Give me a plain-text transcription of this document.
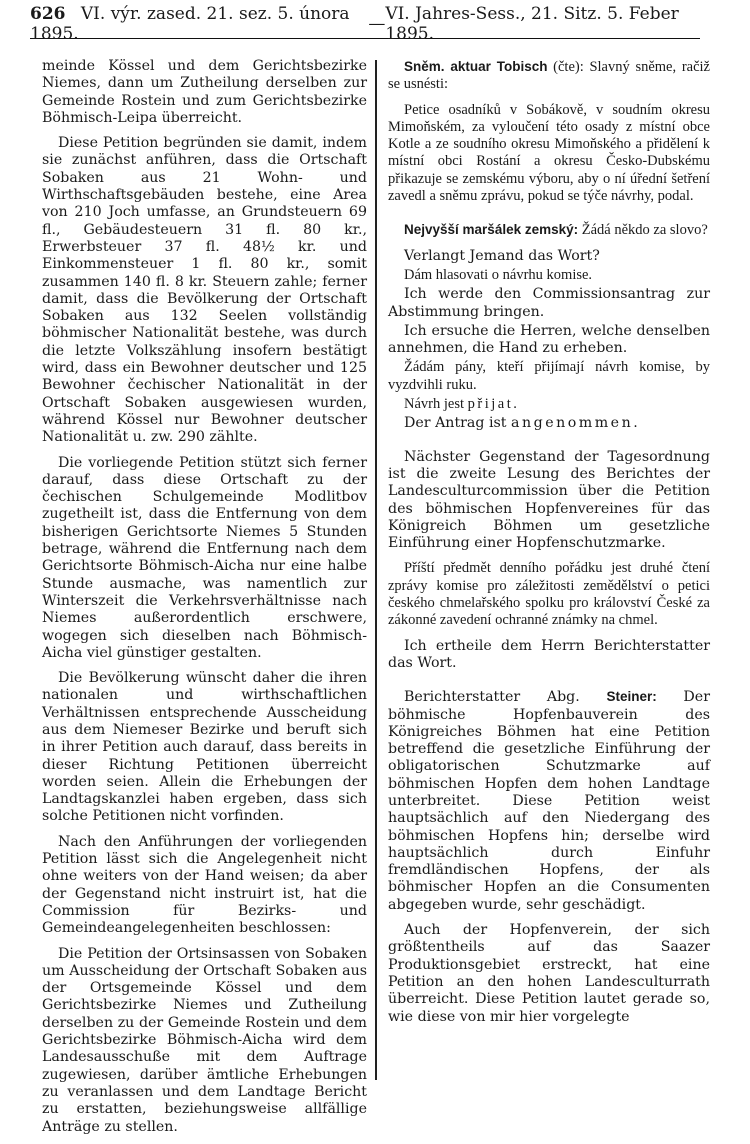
626 VI. výr. zased. 21. sez. 5. února 1895.	— VI. Jahres-Sess., 21. Sitz. 5. Feber 1895.

meinde Kössel und dem Gerichtsbezirke Niemes, dann um Zutheilung derselben zur Gemeinde Rostein und zum Gerichtsbezirke Böhmisch-Leipa überreicht.

Diese Petition begründen sie damit, indem sie zunächst anführen, dass die Ortschaft Sobaken aus 21 Wohn- und Wirthschaftsgebäuden bestehe, eine Area von 210 Joch umfasse, an Grundsteuern 69 fl., Gebäudesteuern 31 fl. 80 kr., Erwerbsteuer 37 fl. 48½ kr. und Einkommensteuer 1 fl. 80 kr., somit zusammen 140 fl. 8 kr. Steuern zahle; ferner damit, dass die Bevölkerung der Ortschaft Sobaken aus 132 Seelen vollständig böhmischer Nationalität bestehe, was durch die letzte Volkszählung insofern bestätigt wird, dass ein Bewohner deutscher und 125 Bewohner čechischer Nationalität in der Ortschaft Sobaken ausgewiesen wurden, während Kössel nur Bewohner deutscher Nationalität u. zw. 290 zählte.

Die vorliegende Petition stützt sich ferner darauf, dass diese Ortschaft zu der čechischen Schulgemeinde Modlitbov zugetheilt ist, dass die Entfernung von dem bisherigen Gerichtsorte Niemes 5 Stunden betrage, während die Entfernung nach dem Gerichtsorte Böhmisch-Aicha nur eine halbe Stunde ausmache, was namentlich zur Winterszeit die Verkehrsverhältnisse nach Niemes außerordentlich erschwere, wogegen sich dieselben nach Böhmisch-Aicha viel günstiger gestalten.

Die Bevölkerung wünscht daher die ihren nationalen und wirthschaftlichen Verhältnissen entsprechende Ausscheidung aus dem Niemeser Bezirke und beruft sich in ihrer Petition auch darauf, dass bereits in dieser Richtung Petitionen überreicht worden seien. Allein die Erhebungen der Landtagskanzlei haben ergeben, dass sich solche Petitionen nicht vorfinden.

Nach den Anführungen der vorliegenden Petition lässt sich die Angelegenheit nicht ohne weiters von der Hand weisen; da aber der Gegenstand nicht instruirt ist, hat die Commission für Bezirks- und Gemeindeangelegenheiten beschlossen:

Die Petition der Ortsinsassen von Sobaken um Ausscheidung der Ortschaft Sobaken aus der Ortsgemeinde Kössel und dem Gerichtsbezirke Niemes und Zutheilung derselben zu der Gemeinde Rostein und dem Gerichtsbezirke Böhmisch-Aicha wird dem Landesausschuße mit dem Auftrage zugewiesen, darüber ämtliche Erhebungen zu veranlassen und dem Landtage Bericht zu erstatten, beziehungsweise allfällige Anträge zu stellen.

Sněm. aktuar Tobisch (čte): Slavný sněme, račiž se usnésti:

Petice osadníků v Sobákově, v soudním okresu Mimoňském, za vyloučení této osady z místní obce Kotle a ze soudního okresu Mimoňského a přidělení k místní obci Rostání a okresu Česko-Dubskému přikazuje se zemskému výboru, aby o ní úřední šetření zavedl a sněmu zprávu, pokud se týče návrhy, podal.

Nejvyšší maršálek zemský: Žádá někdo za slovo?

Verlangt Jemand das Wort?

Dám hlasovati o návrhu komise.

Ich werde den Commissionsantrag zur Abstimmung bringen.

Ich ersuche die Herren, welche denselben annehmen, die Hand zu erheben.

Žádám pány, kteří přijímají návrh komise, by vyzdvihli ruku.

Návrh jest přijat.

Der Antrag ist angenommen.

Nächster Gegenstand der Tagesordnung ist die zweite Lesung des Berichtes der Landesculturcommission über die Petition des böhmischen Hopfenvereines für das Königreich Böhmen um gesetzliche Einführung einer Hopfenschutzmarke.

Příští předmět denního pořádku jest druhé čtení zprávy komise pro záležitosti zemědělství o petici českého chmelařského spolku pro království České za zákonné zavedení ochranné známky na chmel.

Ich ertheile dem Herrn Berichterstatter das Wort.

Berichterstatter Abg. Steiner: Der böhmische Hopfenbauverein des Königreiches Böhmen hat eine Petition betreffend die gesetzliche Einführung der obligatorischen Schutzmarke auf böhmischen Hopfen dem hohen Landtage unterbreitet. Diese Petition weist hauptsächlich auf den Niedergang des böhmischen Hopfens hin; derselbe wird hauptsächlich durch Einfuhr fremdländischen Hopfens, der als böhmischer Hopfen an die Consumenten abgegeben wurde, sehr geschädigt.

Auch der Hopfenverein, der sich größtentheils auf das Saazer Produktionsgebiet erstreckt, hat eine Petition an den hohen Landesculturrath überreicht. Diese Petition lautet gerade so, wie diese von mir hier vorgelegte
